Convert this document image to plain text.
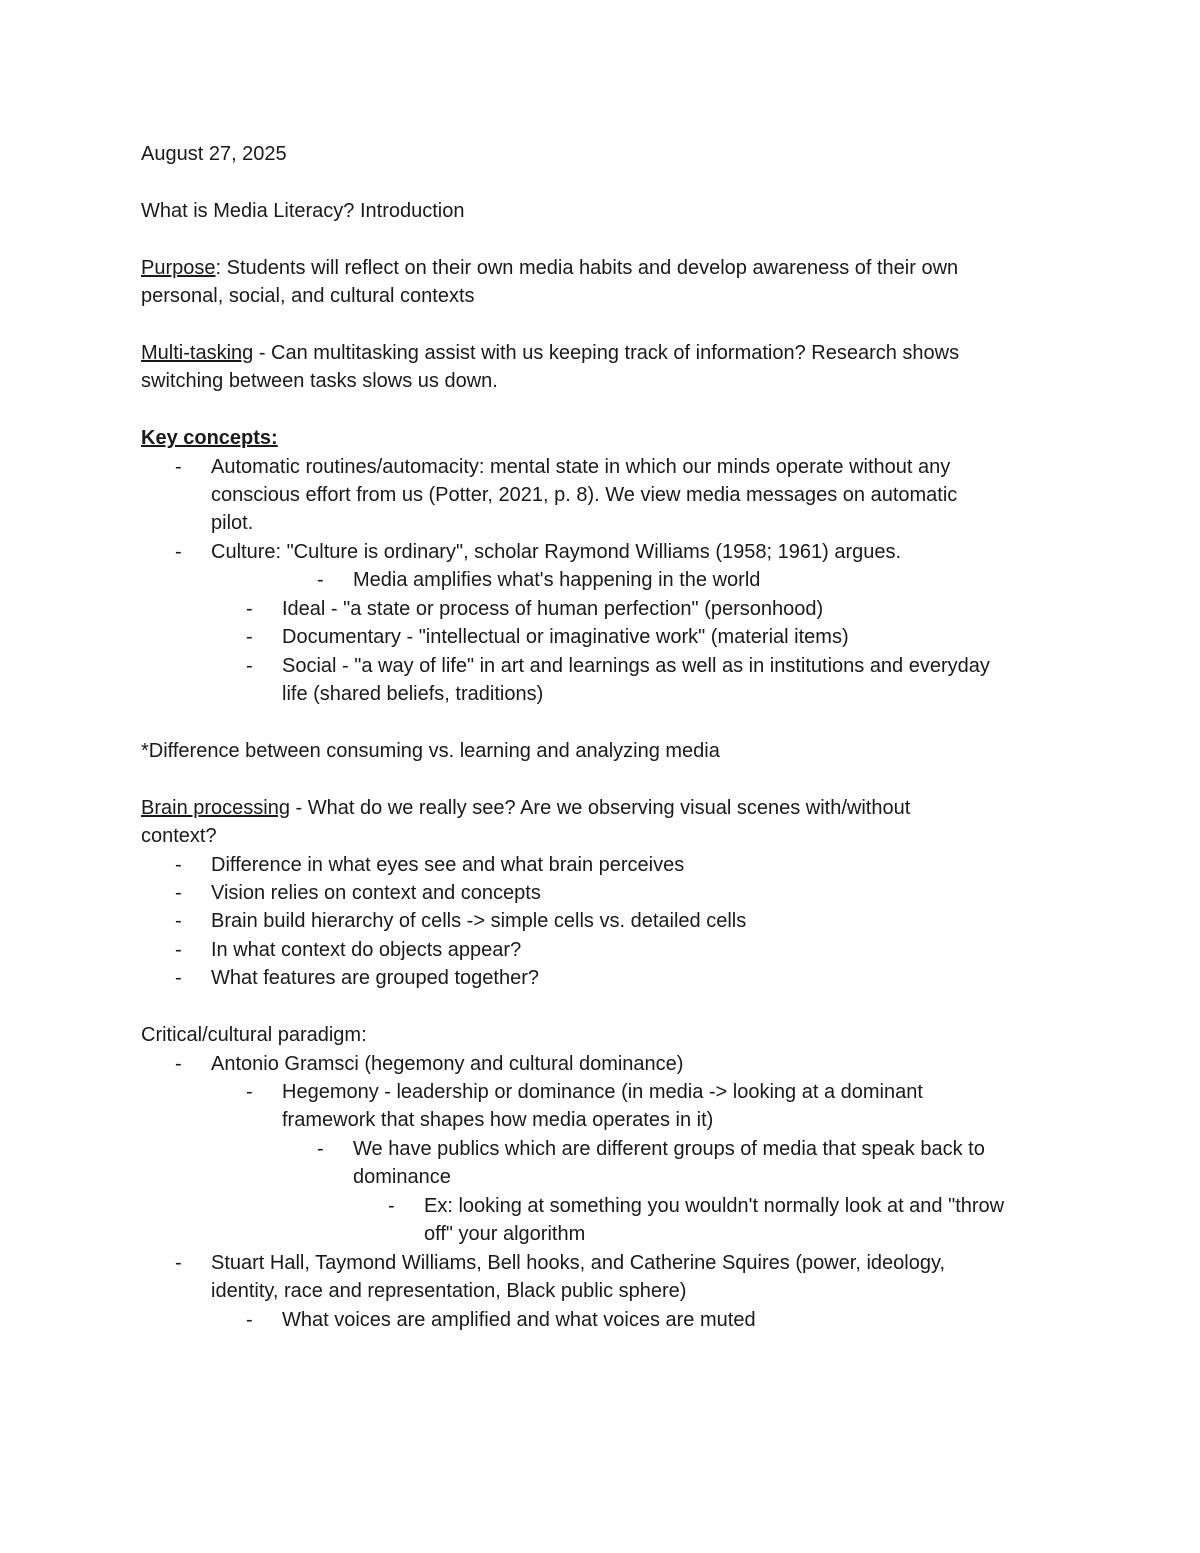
August 27, 2025
What is Media Literacy? Introduction
Purpose: Students will reflect on their own media habits and develop awareness of their own
personal, social, and cultural contexts
Multi-tasking - Can multitasking assist with us keeping track of information? Research shows
switching between tasks slows us down.
Key concepts:
- Automatic routines/automacity: mental state in which our minds operate without any
conscious effort from us (Potter, 2021, p. 8). We view media messages on automatic
pilot.
- Culture: "Culture is ordinary", scholar Raymond Williams (1958; 1961) argues.
- Media amplifies what's happening in the world
- Ideal - "a state or process of human perfection" (personhood)
- Documentary - "intellectual or imaginative work" (material items)
- Social - "a way of life" in art and learnings as well as in institutions and everyday
life (shared beliefs, traditions)
*Difference between consuming vs. learning and analyzing media
Brain processing - What do we really see? Are we observing visual scenes with/without
context?
- Difference in what eyes see and what brain perceives
- Vision relies on context and concepts
- Brain build hierarchy of cells -> simple cells vs. detailed cells
- In what context do objects appear?
- What features are grouped together?
Critical/cultural paradigm:
- Antonio Gramsci (hegemony and cultural dominance)
- Hegemony - leadership or dominance (in media -> looking at a dominant
framework that shapes how media operates in it)
- We have publics which are different groups of media that speak back to
dominance
- Ex: looking at something you wouldn't normally look at and "throw
off" your algorithm
- Stuart Hall, Taymond Williams, Bell hooks, and Catherine Squires (power, ideology,
identity, race and representation, Black public sphere)
- What voices are amplified and what voices are muted
